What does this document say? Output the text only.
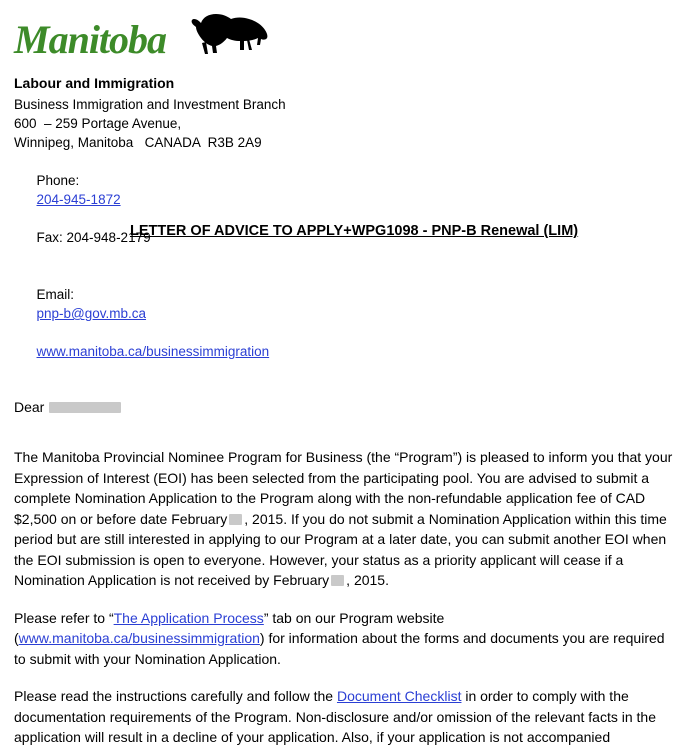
Manitoba
Labour and Immigration
Business Immigration and Investment Branch
600  – 259 Portage Avenue,
Winnipeg, Manitoba   CANADA  R3B 2A9

Phone:
204-945-1872

Fax: 204-948-2179

Email:
pnp-b@gov.mb.ca

www.manitoba.ca/businessimmigration

Dear
LETTER OF ADVICE TO APPLY+WPG1098 - PNP-B Renewal (LIM)

The Manitoba Provincial Nominee Program for Business (the “Program”) is pleased to inform you that your Expression of Interest (EOI) has been selected from the participating pool. You are advised to submit a complete Nomination Application to the Program along with the non-refundable application fee of CAD $2,500 on or before date February , 2015. If you do not submit a Nomination Application within this time period but are still interested in applying to our Program at a later date, you can submit another EOI when the EOI submission is open to everyone. However, your status as a priority applicant will cease if a Nomination Application is not received by February , 2015.

Please refer to “The Application Process” tab on our Program website (www.manitoba.ca/businessimmigration) for information about the forms and documents you are required to submit with your Nomination Application.

Please read the instructions carefully and follow the Document Checklist in order to comply with the documentation requirements of the Program. Non-disclosure and/or omission of the relevant facts in the application will result in a decline of your application. Also, if your application is not accompanied
